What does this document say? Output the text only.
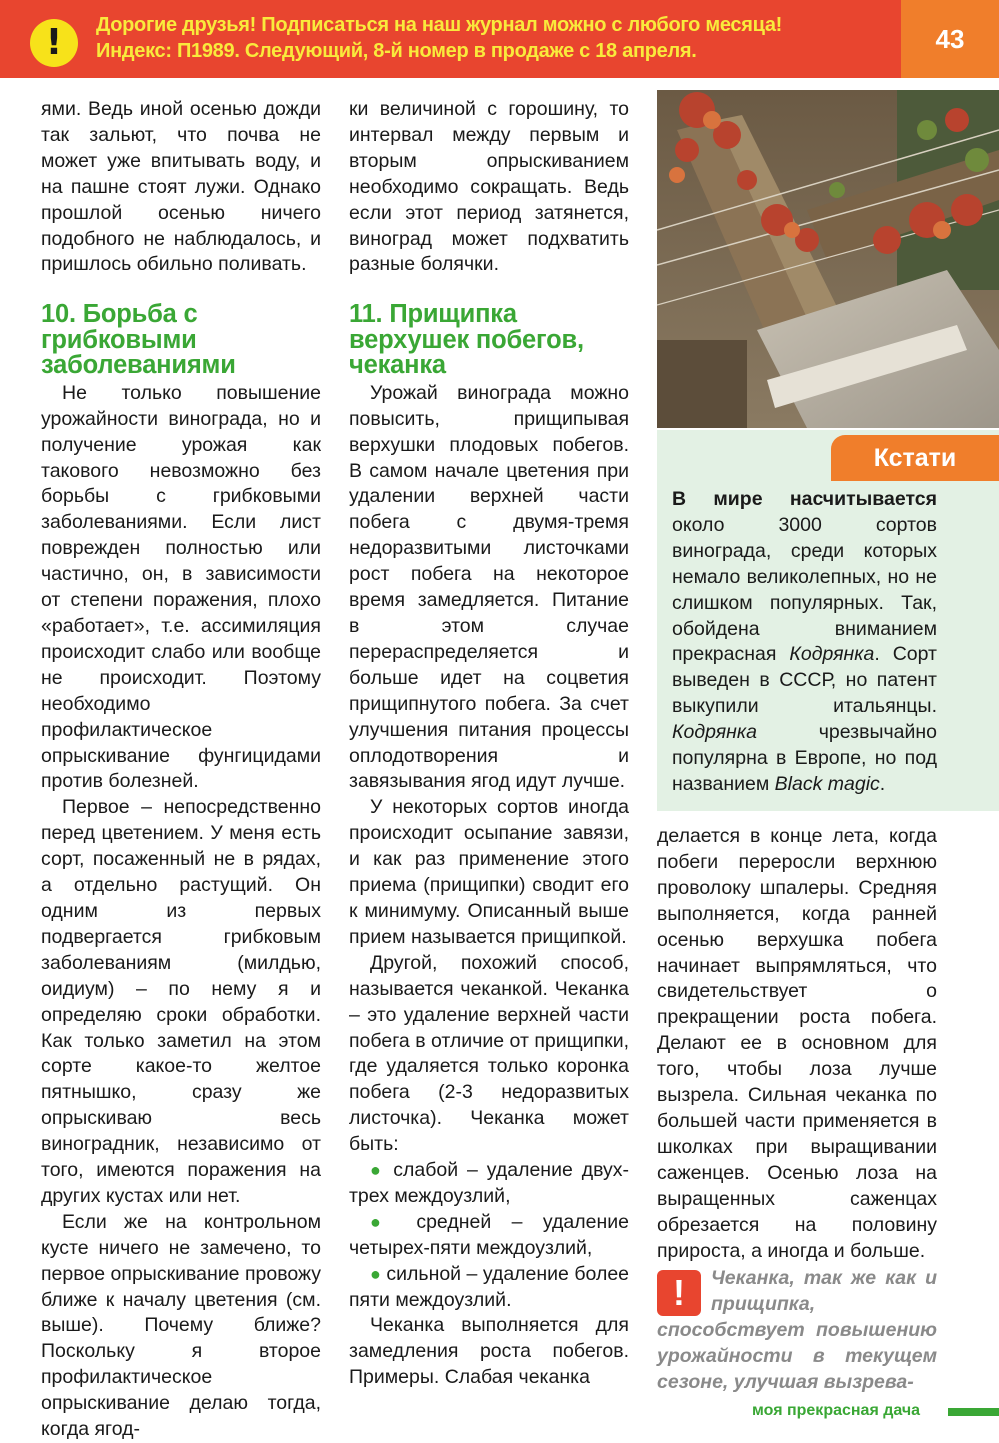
!	Дорогие друзья! Подписаться на наш журнал можно с любого месяца!
Индекс: П1989. Следующий, 8-й номер в продаже с 18 апреля.	43

ями. Ведь иной осенью дожди так зальют, что почва не может уже впитывать воду, и на пашне стоят лужи. Однако прошлой осенью ничего подобного не наблюдалось, и пришлось обильно поливать.

10. Борьба с грибковыми заболеваниями

Не только повышение урожайности винограда, но и получение урожая как такового невозможно без борьбы с грибковыми заболеваниями. Если лист поврежден полностью или частично, он, в зависимости от степени поражения, плохо «работает», т.е. ассимиляция происходит слабо или вообще не происходит. Поэтому необходимо профилактическое опрыскивание фунгицидами против болезней.

Первое – непосредственно перед цветением. У меня есть сорт, посаженный не в рядах, а отдельно растущий. Он одним из первых подвергается грибковым заболеваниям (милдью, оидиум) – по нему я и определяю сроки обработки. Как только заметил на этом сорте какое-то желтое пятнышко, сразу же опрыскиваю весь виноградник, независимо от того, имеются поражения на других кустах или нет.

Если же на контрольном кусте ничего не замечено, то первое опрыскивание провожу ближе к началу цветения (см. выше). Почему ближе? Поскольку я второе профилактическое опрыскивание делаю тогда, когда ягод-

ки величиной с горошину, то интервал между первым и вторым опрыскиванием необходимо сокращать. Ведь если этот период затянется, виноград может подхватить разные болячки.

11. Прищипка верхушек побегов, чеканка

Урожай винограда можно повысить, прищипывая верхушки плодовых побегов. В самом начале цветения при удалении верхней части побега с двумя-тремя недоразвитыми листочками рост побега на некоторое время замедляется. Питание в этом случае перераспределяется и больше идет на соцветия прищипнутого побега. За счет улучшения питания процессы оплодотворения и завязывания ягод идут лучше.

У некоторых сортов иногда происходит осыпание завязи, и как раз применение этого приема (прищипки) сводит его к минимуму. Описанный выше прием называется прищипкой.

Другой, похожий способ, называется чеканкой. Чеканка – это удаление верхней части побега в отличие от прищипки, где удаляется только коронка побега (2-3 недоразвитых листочка). Чеканка может быть:

● слабой – удаление двух-трех междоузлий,

● средней – удаление четырех-пяти междоузлий,

● сильной – удаление более пяти междоузлий.

Чеканка выполняется для замедления роста побегов. Примеры. Слабая чеканка

Кстати

В мире насчитывается около 3000 сортов винограда, среди которых немало великолепных, но не слишком популярных. Так, обойдена вниманием прекрасная Кодрянка. Сорт выведен в СССР, но патент выкупили итальянцы. Кодрянка чрезвычайно популярна в Европе, но под названием Black magic.

делается в конце лета, когда побеги переросли верхнюю проволоку шпалеры. Средняя выполняется, когда ранней осенью верхушка побега начинает выпрямляться, что свидетельствует о прекращении роста побега. Делают ее в основном для того, чтобы лоза лучше вызрела. Сильная чеканка по большей части применяется в школках при выращивании саженцев. Осенью лоза на выращенных саженцах обрезается на половину прироста, а иногда и больше.

!	Чеканка, так же как и прищипка, способствует повышению урожайности в текущем сезоне, улучшая вызрева-
моя прекрасная дача
